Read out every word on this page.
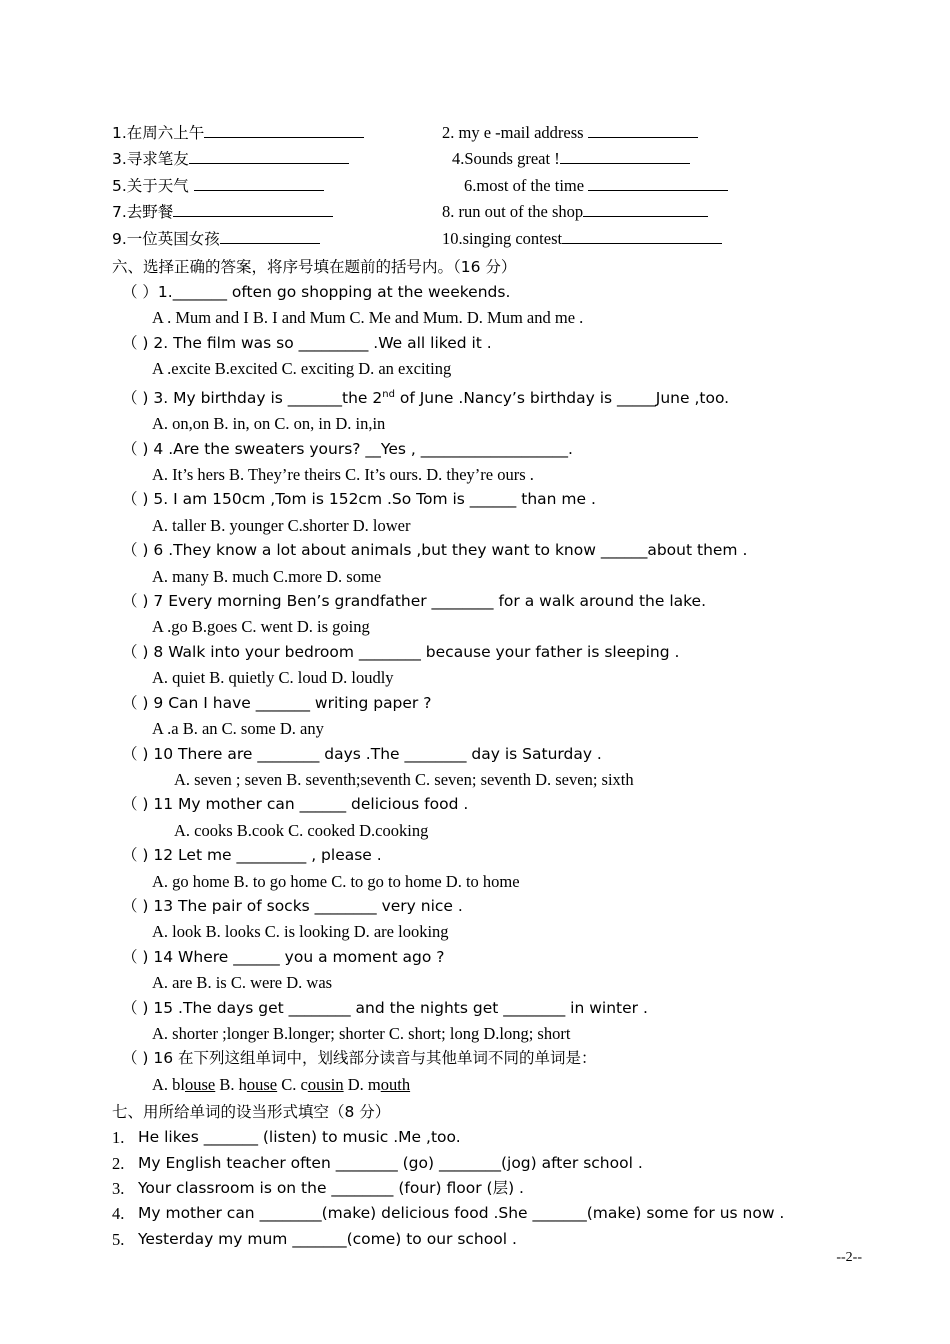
1.在周六上午	2. my e -mail address
3.寻求笔友	4.Sounds great !
5.关于天气	6.most of the time
7.去野餐	8. run out of the shop
9.一位英国女孩	10.singing contest
六、选择正确的答案，将序号填在题前的括号内。（16 分）
（ ）1._______ often go shopping at the weekends.
A . Mum and I B. I and Mum C. Me and Mum. D. Mum and me .
（ ) 2. The film was so _________ .We all liked it .
A .excite B.excited C. exciting D. an exciting
（ ) 3. My birthday is _______the 2nd of June .Nancy’s birthday is _____June ,too.
A. on,on B. in, on C. on, in D. in,in
（ ) 4 .Are the sweaters yours? __Yes , ___________________.
A. It’s hers B. They’re theirs C. It’s ours. D. they’re ours .
（ ) 5. I am 150cm ,Tom is 152cm .So Tom is ______ than me .
A. taller B. younger C.shorter D. lower
（ ) 6 .They know a lot about animals ,but they want to know ______about them .
A. many B. much C.more D. some
（ ) 7 Every morning Ben’s grandfather ________ for a walk around the lake.
A .go B.goes C. went D. is going
（ ) 8 Walk into your bedroom ________ because your father is sleeping .
A. quiet B. quietly C. loud D. loudly
（ ) 9 Can I have _______ writing paper ?
A .a B. an C. some D. any
（ ) 10 There are ________ days .The ________ day is Saturday .
A. seven ; seven B. seventh;seventh C. seven; seventh D. seven; sixth
（ ) 11 My mother can ______ delicious food .
A. cooks B.cook C. cooked D.cooking
（ ) 12 Let me _________ , please .
A. go home B. to go home C. to go to home D. to home
（ ) 13 The pair of socks ________ very nice .
A. look B. looks C. is looking D. are looking
（ ) 14 Where ______ you a moment ago ?
A. are B. is C. were D. was
（ ) 15 .The days get ________ and the nights get ________ in winter .
A. shorter ;longer B.longer; shorter C. short; long D.long; short
（ ) 16 在下列这组单词中，划线部分读音与其他单词不同的单词是：
A. blouse B. house C. cousin D. mouth
七、用所给单词的设当形式填空（8 分）
1. He likes _______ (listen) to music .Me ,too.
2. My English teacher often ________ (go) ________(jog) after school .
3. Your classroom is on the ________ (four) floor (层) .
4. My mother can ________(make) delicious food .She _______(make) some for us now .
5. Yesterday my mum _______(come) to our school .
--2--
